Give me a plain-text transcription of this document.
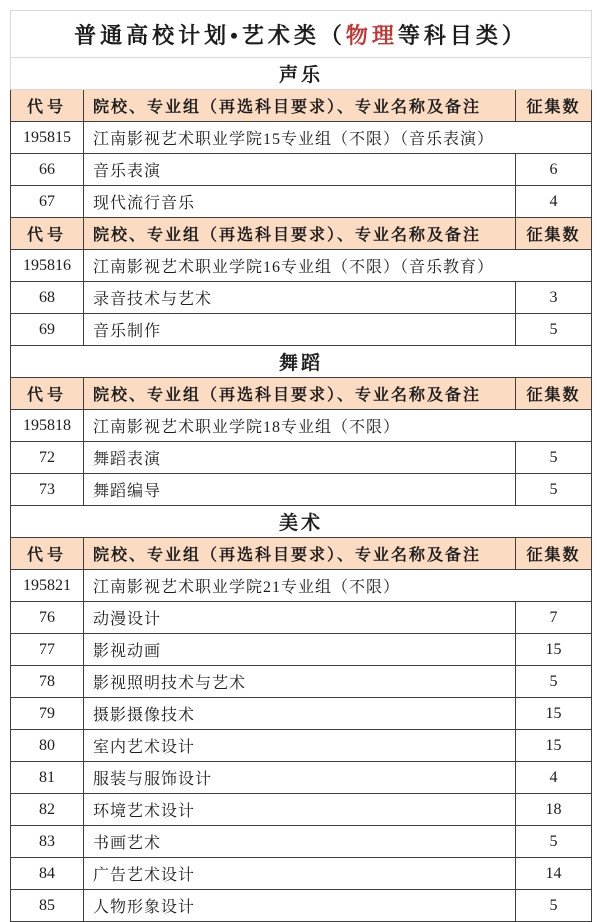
普通高校计划•艺术类（物理等科目类）		
声乐		
代号	院校、专业组（再选科目要求）、专业名称及备注	征集数
195815	江南影视艺术职业学院15专业组（不限）（音乐表演）	
66	音乐表演	6
67	现代流行音乐	4
代号	院校、专业组（再选科目要求）、专业名称及备注	征集数
195816	江南影视艺术职业学院16专业组（不限）（音乐教育）	
68	录音技术与艺术	3
69	音乐制作	5
舞蹈		
代号	院校、专业组（再选科目要求）、专业名称及备注	征集数
195818	江南影视艺术职业学院18专业组（不限）	
72	舞蹈表演	5
73	舞蹈编导	5
美术		
代号	院校、专业组（再选科目要求）、专业名称及备注	征集数
195821	江南影视艺术职业学院21专业组（不限）	
76	动漫设计	7
77	影视动画	15
78	影视照明技术与艺术	5
79	摄影摄像技术	15
80	室内艺术设计	15
81	服装与服饰设计	4
82	环境艺术设计	18
83	书画艺术	5
84	广告艺术设计	14
85	人物形象设计	5
